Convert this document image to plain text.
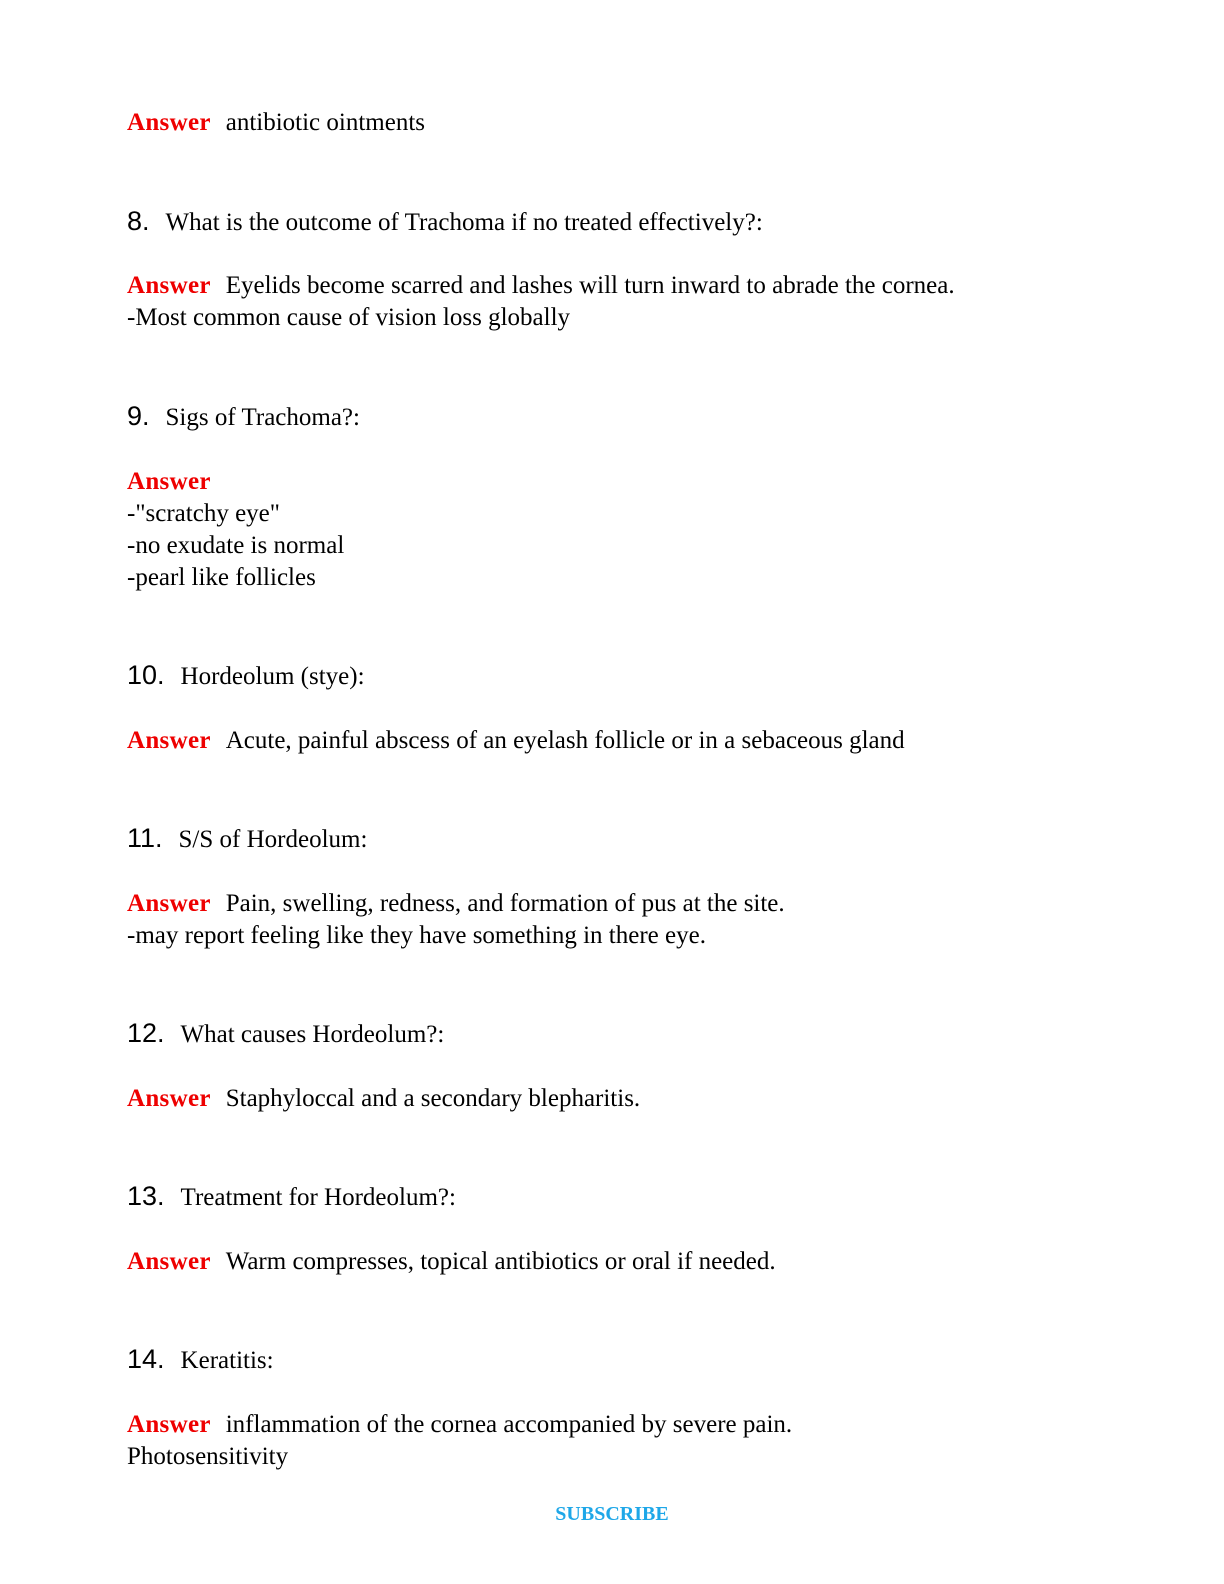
Answer antibiotic ointments

8. What is the outcome of Trachoma if no treated effectively?:

Answer Eyelids become scarred and lashes will turn inward to abrade the cornea.
-Most common cause of vision loss globally

9. Sigs of Trachoma?:

Answer
-"scratchy eye"
-no exudate is normal
-pearl like follicles

10. Hordeolum (stye):

Answer Acute, painful abscess of an eyelash follicle or in a sebaceous gland

11. S/S of Hordeolum:

Answer Pain, swelling, redness, and formation of pus at the site.
-may report feeling like they have something in there eye.

12. What causes Hordeolum?:

Answer Staphyloccal and a secondary blepharitis.

13. Treatment for Hordeolum?:

Answer Warm compresses, topical antibiotics or oral if needed.

14. Keratitis:

Answer inflammation of the cornea accompanied by severe pain.
Photosensitivity

SUBSCRIBE
